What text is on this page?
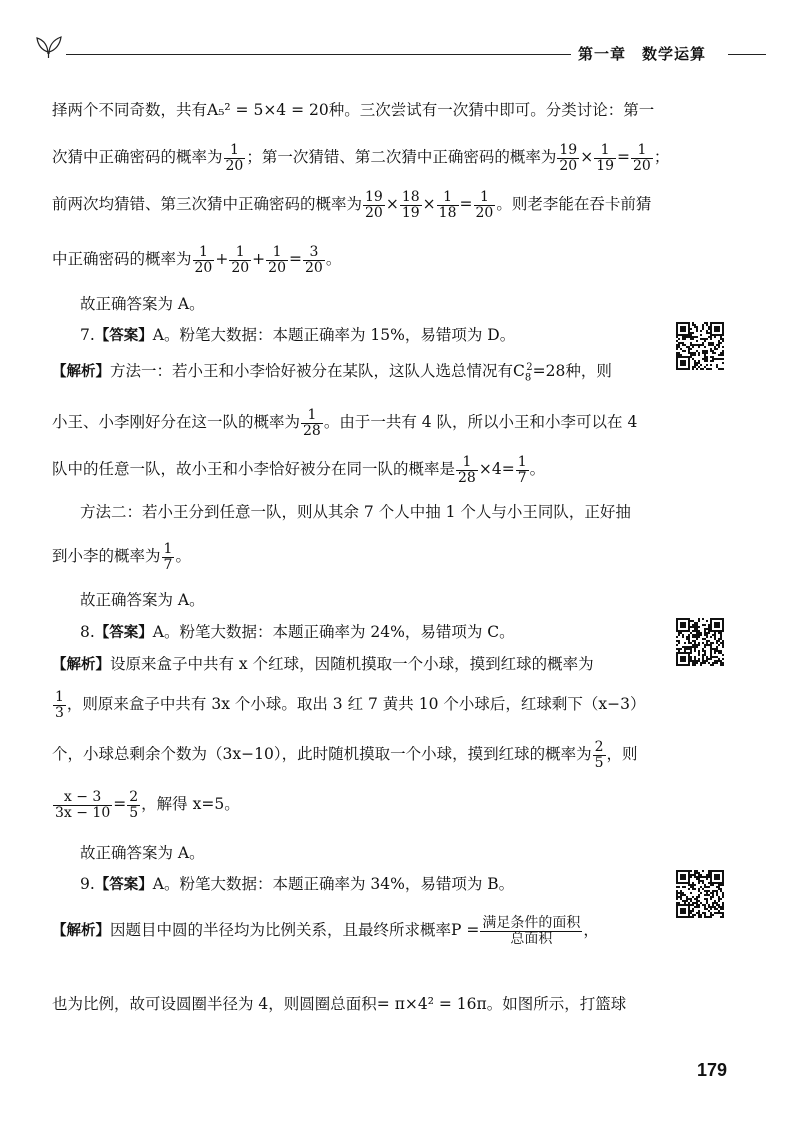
第一章 数学运算
择两个不同奇数，共有A₅² = 5×4 = 20种。三次尝试有一次猜中即可。分类讨论：第一
次猜中正确密码的概率为 $\frac{1}{20}$ ；第一次猜错、第二次猜中正确密码的概率为 $\frac{19}{20} \times \frac{1}{19} = \frac{1}{20}$ ；
前两次均猜错、第三次猜中正确密码的概率为 $\frac{19}{20} \times \frac{18}{19} \times \frac{1}{18} = \frac{1}{20}$ 。则老李能在吞卡前猜
中正确密码的概率为 $\frac{1}{20} + \frac{1}{20} + \frac{1}{20} = \frac{3}{20}$ 。
故正确答案为 A。
7.【答案】A。粉笔大数据：本题正确率为 15%，易错项为 D。
【解析】方法一：若小王和小李恰好被分在某队，这队人选总情况有$C_8^2=28$种，则
小王、小李刚好分在这一队的概率为 $\frac{1}{28}$ 。由于一共有 4 队，所以小王和小李可以在 4
队中的任意一队，故小王和小李恰好被分在同一队的概率是 $\frac{1}{28} \times 4= \frac{1}{7}$ 。
方法二：若小王分到任意一队，则从其余 7 个人中抽 1 个人与小王同队，正好抽
到小李的概率为 $\frac{1}{7}$ 。
故正确答案为 A。
8.【答案】A。粉笔大数据：本题正确率为 24%，易错项为 C。
【解析】设原来盒子中共有 x 个红球，因随机摸取一个小球，摸到红球的概率为
$\frac{1}{3}$ ，则原来盒子中共有 3x 个小球。取出 3 红 7 黄共 10 个小球后，红球剩下（x−3）
个，小球总剩余个数为（3x−10），此时随机摸取一个小球，摸到红球的概率为 $\frac{2}{5}$ ，则
$\frac{x - 3}{3x - 10} = \frac{2}{5}$ ，解得 x=5。
故正确答案为 A。
9.【答案】A。粉笔大数据：本题正确率为 34%，易错项为 B。
【解析】因题目中圆的半径均为比例关系，且最终所求概率$P = \frac{\text{满足条件的面积}}{\text{总面积}}$ ，
也为比例，故可设圆圈半径为 4，则圆圈总面积= π×4² = 16π。如图所示，打篮球
179
